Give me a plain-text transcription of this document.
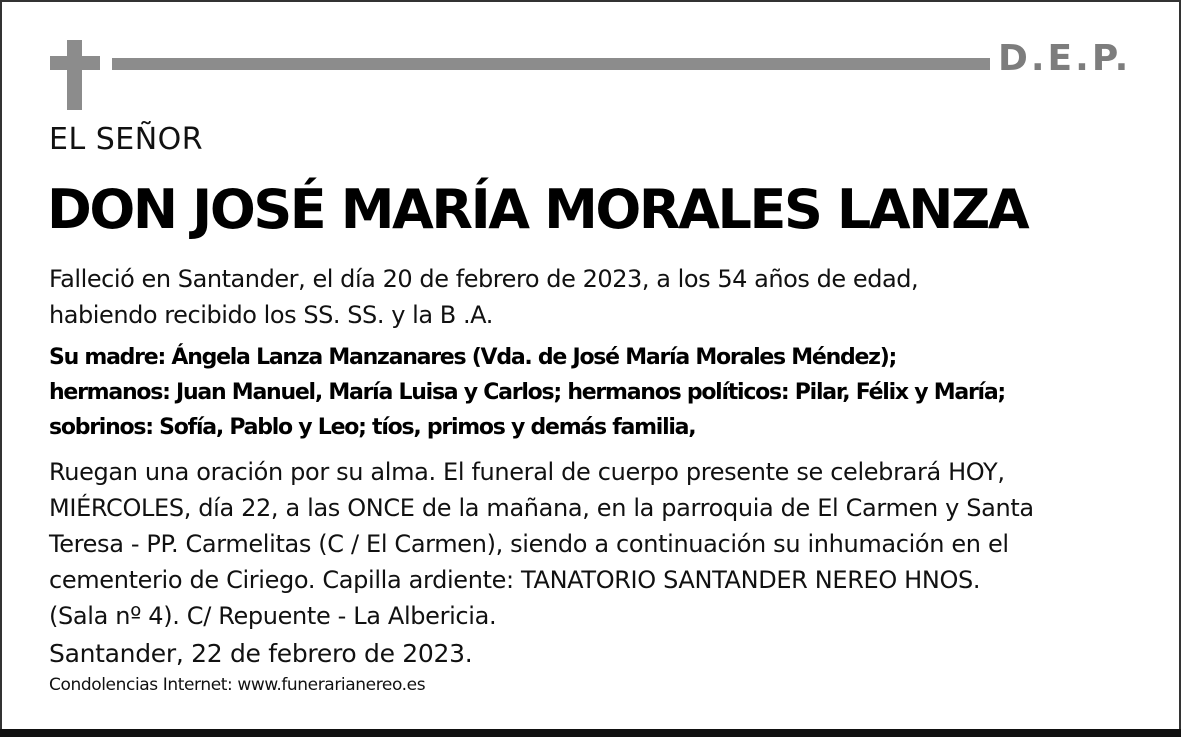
D.E.P.
EL SEÑOR
DON JOSÉ MARÍA MORALES LANZA
Falleció en Santander, el día 20 de febrero de 2023, a los 54 años de edad,
habiendo recibido los SS. SS. y la B .A.
Su madre: Ángela Lanza Manzanares (Vda. de José María Morales Méndez);
hermanos: Juan Manuel, María Luisa y Carlos; hermanos políticos: Pilar, Félix y María;
sobrinos: Sofía, Pablo y Leo; tíos, primos y demás familia,
Ruegan una oración por su alma. El funeral de cuerpo presente se celebrará HOY,
MIÉRCOLES, día 22, a las ONCE de la mañana, en la parroquia de El Carmen y Santa
Teresa - PP. Carmelitas (C / El Carmen), siendo a continuación su inhumación en el
cementerio de Ciriego. Capilla ardiente: TANATORIO SANTANDER NEREO HNOS.
(Sala nº 4). C/ Repuente - La Albericia.
Santander, 22 de febrero de 2023.
Condolencias Internet: www.funerarianereo.es
